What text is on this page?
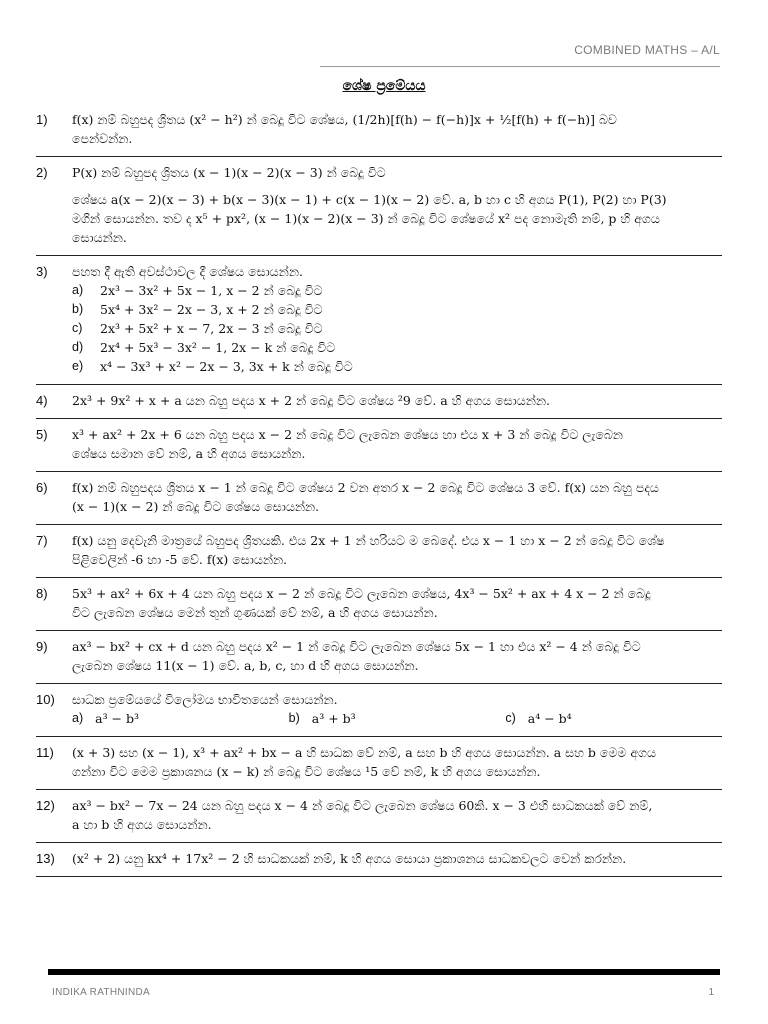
COMBINED MATHS – A/L
ශේෂ ප්‍රමේයය
1) f(x) නම් බහුපද ශ්‍රිතය (x² − h²) න් බෙදූ විට ශේෂය, (1/2h)[f(h) − f(−h)]x + ½[f(h) + f(−h)] බව
පෙන්වන්න.
2) P(x) නම් බහුපද ශ්‍රිතය (x − 1)(x − 2)(x − 3) න් බෙදූ විට
ශේෂය a(x − 2)(x − 3) + b(x − 3)(x − 1) + c(x − 1)(x − 2) වේ. a, b හා c හි අගය P(1), P(2) හා P(3)
මගින් සොයන්න. තව ද x⁵ + px², (x − 1)(x − 2)(x − 3) න් බෙදූ විට ශේෂයේ x² පද නොමැති නම්, p හි අගය
සොයන්න.
3) පහත දී ඇති අවස්ථාවල දී ශේෂය සොයන්න.
a)	2x³ − 3x² + 5x − 1, x − 2 න් බෙදූ විට
b)	5x⁴ + 3x² − 2x − 3, x + 2 න් බෙදූ විට
c)	2x³ + 5x² + x − 7, 2x − 3 න් බෙදූ විට
d)	2x⁴ + 5x³ − 3x² − 1, 2x − k න් බෙදූ විට
e)	x⁴ − 3x³ + x² − 2x − 3, 3x + k න් බෙදූ විට
4) 2x³ + 9x² + x + a යන බහු පදය x + 2 න් බෙදූ විට ශේෂය ²9 වේ. a හි අගය සොයන්න.
5) x³ + ax² + 2x + 6 යන බහු පදය x − 2 න් බෙදූ විට ලැබෙන ශේෂය හා එය x + 3 න් බෙදූ විට ලැබෙන
ශේෂය සමාන වේ නම්, a හි අගය සොයන්න.
6) f(x) නම් බහුපදය ශ්‍රිතය x − 1 න් බෙදූ විට ශේෂය 2 වන අතර x − 2 බෙදූ විට ශේෂය 3 වේ. f(x) යන බහු පදය
(x − 1)(x − 2) න් බෙදූ විට ශේෂය සොයන්න.
7) f(x) යනු දෙවැනි මාත්‍රයේ බහුපද ශ්‍රිතයකි. එය 2x + 1 න් හරියට ම බෙදේ. එය x − 1 හා x − 2 න් බෙදූ විට ශේෂ
පිළිවෙලින් -6 හා -5 වේ. f(x) සොයන්න.
8) 5x³ + ax² + 6x + 4 යන බහු පදය x − 2 න් බෙදූ විට ලැබෙන ශේෂය, 4x³ − 5x² + ax + 4 x − 2 න් බෙදූ
විට ලැබෙන ශේෂය මෙන් තුන් ගුණයක් වේ නම්, a හි අගය සොයන්න.
9) ax³ − bx² + cx + d යන බහු පදය x² − 1 න් බෙදූ විට ලැබෙන ශේෂය 5x − 1 හා එය x² − 4 න් බෙදූ විට
ලැබෙන ශේෂය 11(x − 1) වේ. a, b, c, හා d හි අගය සොයන්න.
10) සාධක ප්‍රමේයයේ විලෝමය භාවිතයෙන් සොයන්න.
a) a³ − b³	b) a³ + b³	c) a⁴ − b⁴
11) (x + 3) සහ (x − 1), x³ + ax² + bx − a හි සාධක වේ නම්, a සහ b හි අගය සොයන්න. a සහ b මෙම අගය
ගන්නා විට මෙම ප්‍රකාශනය (x − k) න් බෙදූ විට ශේෂය ¹5 වේ නම්, k හි අගය සොයන්න.
12) ax³ − bx² − 7x − 24 යන බහු පදය x − 4 න් බෙදූ විට ලැබෙන ශේෂය 60කි. x − 3 එහි සාධකයක් වේ නම්,
a හා b හි අගය සොයන්න.
13) (x² + 2) යනු kx⁴ + 17x² − 2 හි සාධකයක් නම්, k හි අගය සොයා ප්‍රකාශනය සාධකවලට වෙන් කරන්න.
INDIKA RATHNINDA	1
